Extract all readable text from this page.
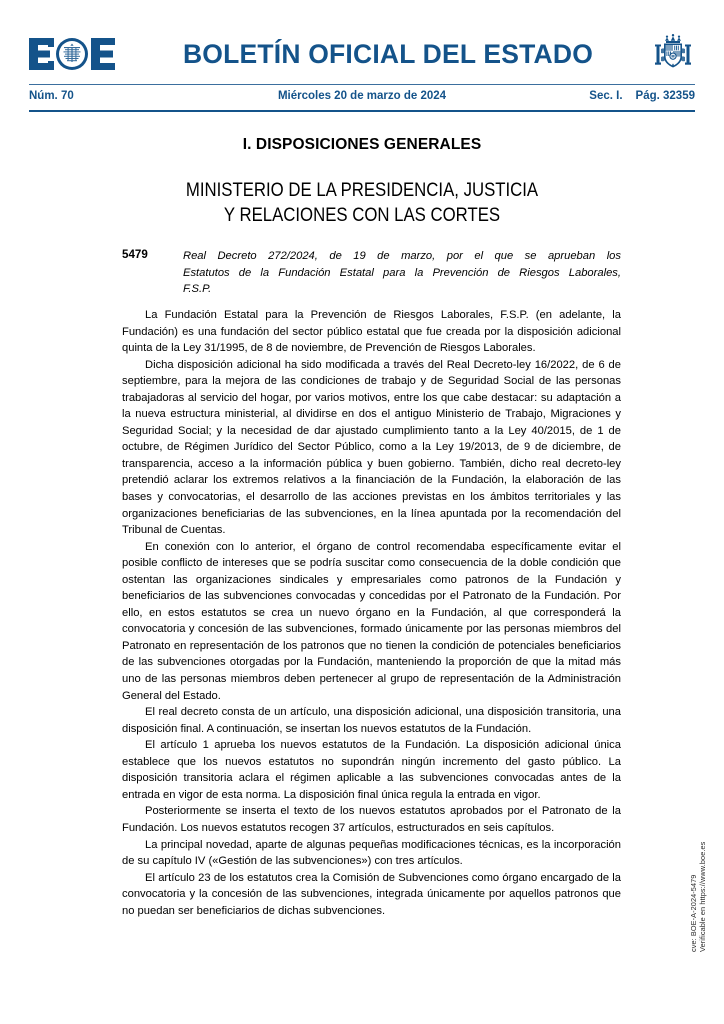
BOLETÍN OFICIAL DEL ESTADO
Núm. 70	Miércoles 20 de marzo de 2024	Sec. I. Pág. 32359
I. DISPOSICIONES GENERALES
MINISTERIO DE LA PRESIDENCIA, JUSTICIA
Y RELACIONES CON LAS CORTES
5479	Real Decreto 272/2024, de 19 de marzo, por el que se aprueban los
Estatutos de la Fundación Estatal para la Prevención de Riesgos Laborales,
F.S.P.

La Fundación Estatal para la Prevención de Riesgos Laborales, F.S.P. (en adelante, la Fundación) es una fundación del sector público estatal que fue creada por la disposición adicional quinta de la Ley 31/1995, de 8 de noviembre, de Prevención de Riesgos Laborales.

Dicha disposición adicional ha sido modificada a través del Real Decreto-ley 16/2022, de 6 de septiembre, para la mejora de las condiciones de trabajo y de Seguridad Social de las personas trabajadoras al servicio del hogar, por varios motivos, entre los que cabe destacar: su adaptación a la nueva estructura ministerial, al dividirse en dos el antiguo Ministerio de Trabajo, Migraciones y Seguridad Social; y la necesidad de dar ajustado cumplimiento tanto a la Ley 40/2015, de 1 de octubre, de Régimen Jurídico del Sector Público, como a la Ley 19/2013, de 9 de diciembre, de transparencia, acceso a la información pública y buen gobierno. También, dicho real decreto-ley pretendió aclarar los extremos relativos a la financiación de la Fundación, la elaboración de las bases y convocatorias, el desarrollo de las acciones previstas en los ámbitos territoriales y las organizaciones beneficiarias de las subvenciones, en la línea apuntada por la recomendación del Tribunal de Cuentas.

En conexión con lo anterior, el órgano de control recomendaba específicamente evitar el posible conflicto de intereses que se podría suscitar como consecuencia de la doble condición que ostentan las organizaciones sindicales y empresariales como patronos de la Fundación y beneficiarios de las subvenciones convocadas y concedidas por el Patronato de la Fundación. Por ello, en estos estatutos se crea un nuevo órgano en la Fundación, al que corresponderá la convocatoria y concesión de las subvenciones, formado únicamente por las personas miembros del Patronato en representación de los patronos que no tienen la condición de potenciales beneficiarios de las subvenciones otorgadas por la Fundación, manteniendo la proporción de que la mitad más uno de las personas miembros deben pertenecer al grupo de representación de la Administración General del Estado.

El real decreto consta de un artículo, una disposición adicional, una disposición transitoria, una disposición final. A continuación, se insertan los nuevos estatutos de la Fundación.

El artículo 1 aprueba los nuevos estatutos de la Fundación. La disposición adicional única establece que los nuevos estatutos no supondrán ningún incremento del gasto público. La disposición transitoria aclara el régimen aplicable a las subvenciones convocadas antes de la entrada en vigor de esta norma. La disposición final única regula la entrada en vigor.

Posteriormente se inserta el texto de los nuevos estatutos aprobados por el Patronato de la Fundación. Los nuevos estatutos recogen 37 artículos, estructurados en seis capítulos.

La principal novedad, aparte de algunas pequeñas modificaciones técnicas, es la incorporación de su capítulo IV («Gestión de las subvenciones») con tres artículos.

El artículo 23 de los estatutos crea la Comisión de Subvenciones como órgano encargado de la convocatoria y la concesión de las subvenciones, integrada únicamente por aquellos patronos que no puedan ser beneficiarios de dichas subvenciones.	cve: BOE-A-2024-5479 Verificable en https://www.boe.es
